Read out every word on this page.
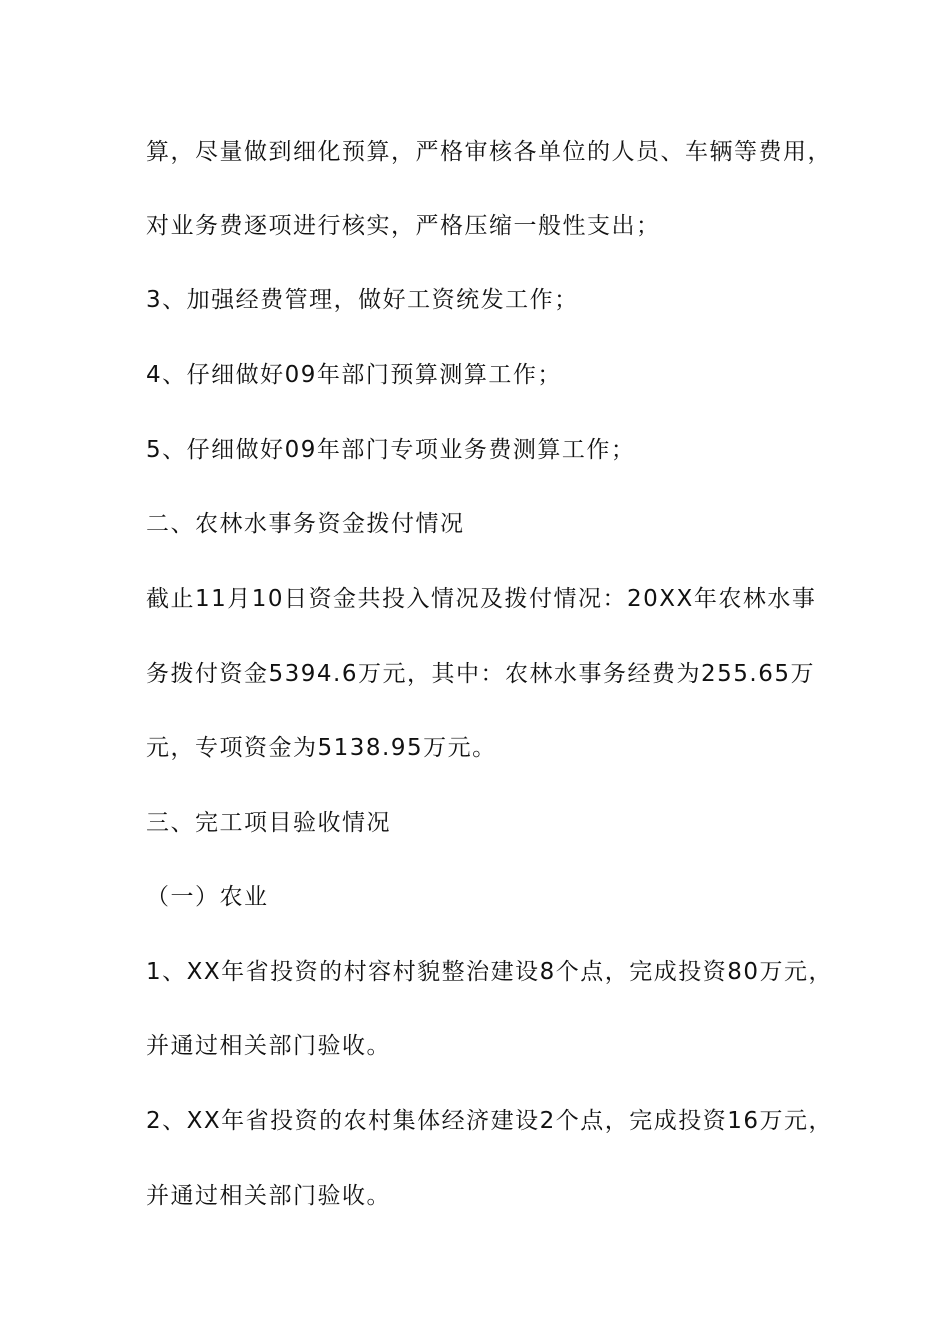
算，尽量做到细化预算，严格审核各单位的人员、车辆等费用，
对业务费逐项进行核实，严格压缩一般性支出；
3、加强经费管理，做好工资统发工作；
4、仔细做好09年部门预算测算工作；
5、仔细做好09年部门专项业务费测算工作；
二、农林水事务资金拨付情况
截止11月10日资金共投入情况及拨付情况：20XX年农林水事
务拨付资金5394.6万元，其中：农林水事务经费为255.65万
元，专项资金为5138.95万元。
三、完工项目验收情况
（一）农业
1、XX年省投资的村容村貌整治建设8个点，完成投资80万元，
并通过相关部门验收。
2、XX年省投资的农村集体经济建设2个点，完成投资16万元，
并通过相关部门验收。
